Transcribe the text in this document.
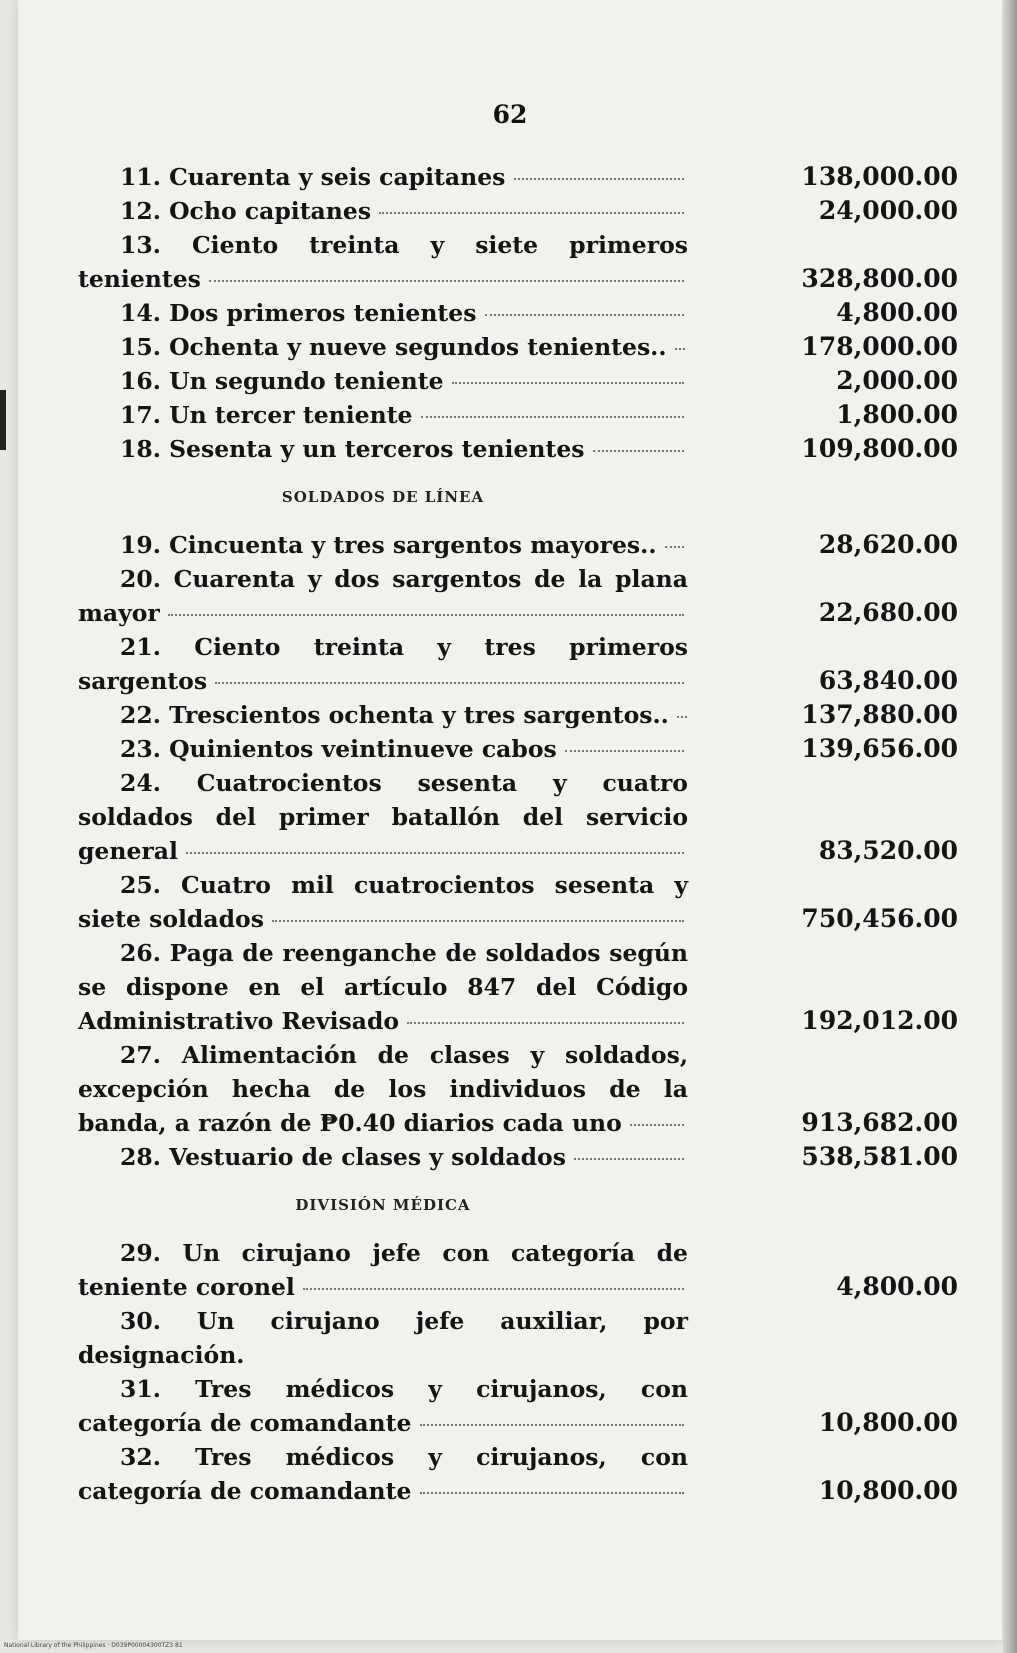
62
11. Cuarenta y seis capitanes	138,000.00
12. Ocho capitanes	24,000.00
13. Ciento treinta y siete primeros tenientes	328,800.00
14. Dos primeros tenientes	4,800.00
15. Ochenta y nueve segundos tenientes..	178,000.00
16. Un segundo teniente	2,000.00
17. Un tercer teniente	1,800.00
18. Sesenta y un terceros tenientes	109,800.00
SOLDADOS DE LÍNEA
19. Cincuenta y tres sargentos mayores..	28,620.00
20. Cuarenta y dos sargentos de la plana mayor	22,680.00
21. Ciento treinta y tres primeros sargentos	63,840.00
22. Trescientos ochenta y tres sargentos..	137,880.00
23. Quinientos veintinueve cabos	139,656.00
24. Cuatrocientos sesenta y cuatro soldados del primer batallón del servicio general	83,520.00
25. Cuatro mil cuatrocientos sesenta y siete soldados	750,456.00
26. Paga de reenganche de soldados según se dispone en el artículo 847 del Código Administrativo Revisado	192,012.00
27. Alimentación de clases y soldados, excepción hecha de los individuos de la banda, a razón de ₱0.40 diarios cada uno	913,682.00
28. Vestuario de clases y soldados	538,581.00
DIVISIÓN MÉDICA
29. Un cirujano jefe con categoría de teniente coronel	4,800.00
30. Un cirujano jefe auxiliar, por designación.
31. Tres médicos y cirujanos, con categoría de comandante	10,800.00
32. Tres médicos y cirujanos, con categoría de comandante	10,800.00
National Library of the Philippines · D039P00004300TZ3 81
